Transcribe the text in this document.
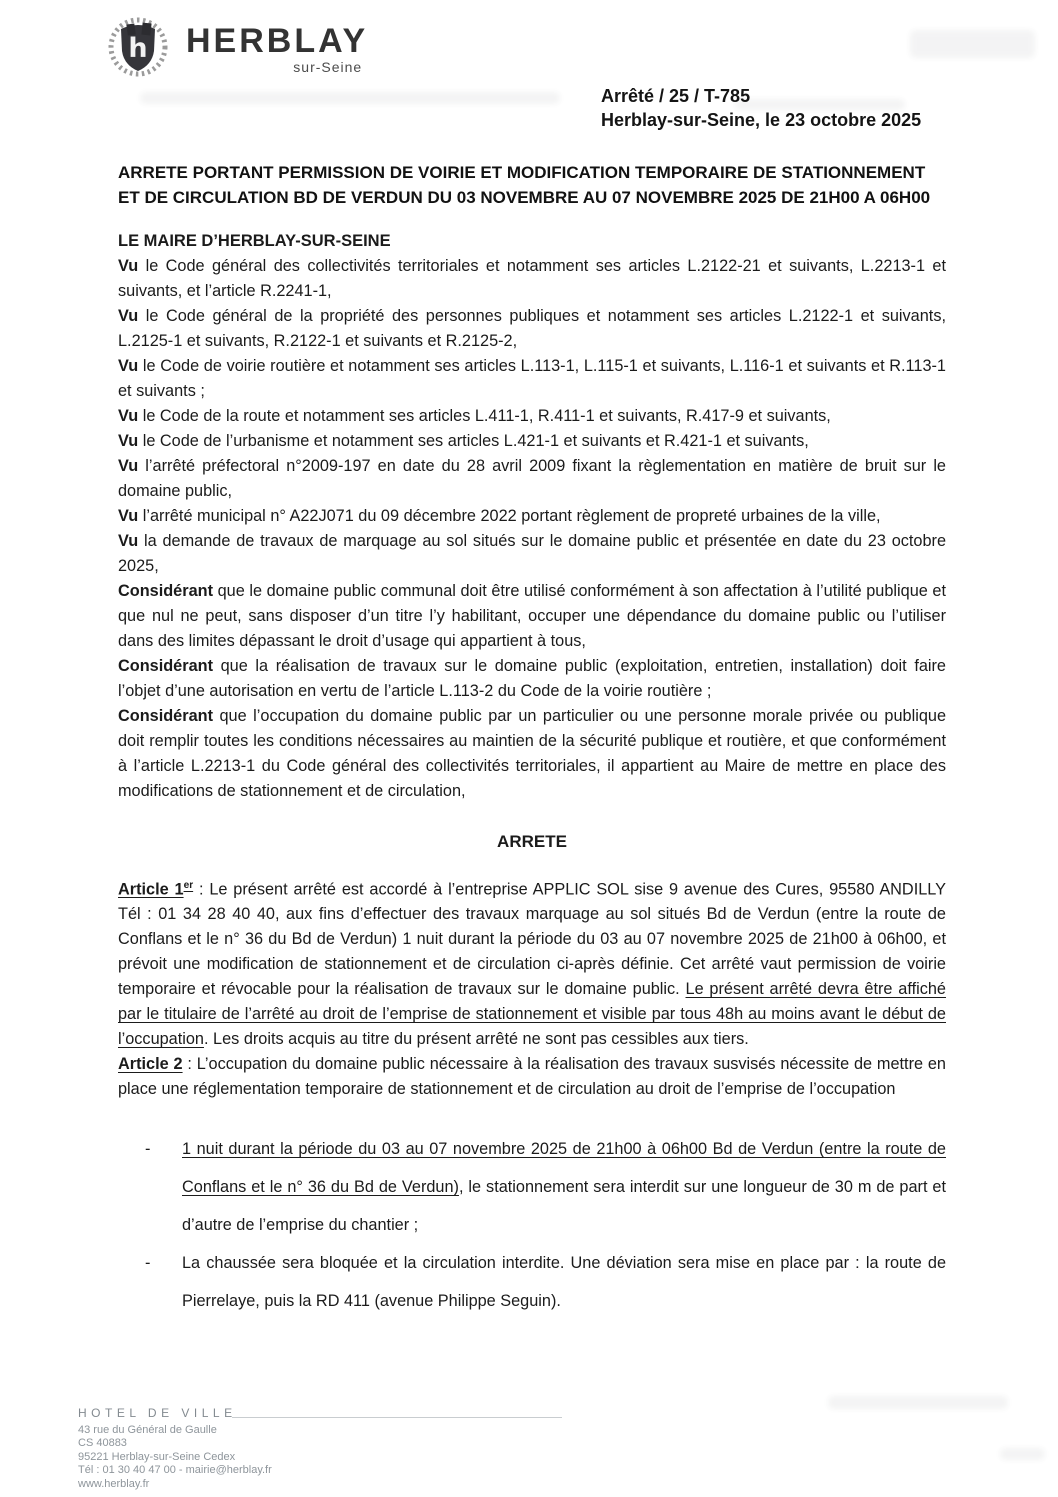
h HERBLAY
sur-Seine
Arrêté / 25 / T-785
Herblay-sur-Seine, le 23 octobre 2025
ARRETE PORTANT PERMISSION DE VOIRIE ET MODIFICATION TEMPORAIRE DE STATIONNEMENT ET DE CIRCULATION BD DE VERDUN DU 03 NOVEMBRE AU 07 NOVEMBRE 2025 DE 21H00 A 06H00
LE MAIRE D’HERBLAY-SUR-SEINE

Vu le Code général des collectivités territoriales et notamment ses articles L.2122-21 et suivants, L.2213-1 et suivants, et l’article R.2241-1,

Vu le Code général de la propriété des personnes publiques et notamment ses articles L.2122-1 et suivants, L.2125-1 et suivants, R.2122-1 et suivants et R.2125-2,

Vu le Code de voirie routière et notamment ses articles L.113-1, L.115-1 et suivants, L.116-1 et suivants et R.113-1 et suivants ;

Vu le Code de la route et notamment ses articles L.411-1, R.411-1 et suivants, R.417-9 et suivants,

Vu le Code de l’urbanisme et notamment ses articles L.421-1 et suivants et R.421-1 et suivants,

Vu l’arrêté préfectoral n°2009-197 en date du 28 avril 2009 fixant la règlementation en matière de bruit sur le domaine public,

Vu l’arrêté municipal n° A22J071 du 09 décembre 2022 portant règlement de propreté urbaines de la ville,

Vu la demande de travaux de marquage au sol situés sur le domaine public et présentée en date du 23 octobre 2025,

Considérant que le domaine public communal doit être utilisé conformément à son affectation à l’utilité publique et que nul ne peut, sans disposer d’un titre l’y habilitant, occuper une dépendance du domaine public ou l’utiliser dans des limites dépassant le droit d’usage qui appartient à tous,

Considérant que la réalisation de travaux sur le domaine public (exploitation, entretien, installation) doit faire l’objet d’une autorisation en vertu de l’article L.113-2 du Code de la voirie routière ;

Considérant que l’occupation du domaine public par un particulier ou une personne morale privée ou publique doit remplir toutes les conditions nécessaires au maintien de la sécurité publique et routière, et que conformément à l’article L.2213-1 du Code général des collectivités territoriales, il appartient au Maire de mettre en place des modifications de stationnement et de circulation,

ARRETE

Article 1er : Le présent arrêté est accordé à l’entreprise APPLIC SOL sise 9 avenue des Cures, 95580 ANDILLY Tél : 01 34 28 40 40, aux fins d’effectuer des travaux marquage au sol situés Bd de Verdun (entre la route de Conflans et le n° 36 du Bd de Verdun) 1 nuit durant la période du 03 au 07 novembre 2025 de 21h00 à 06h00, et prévoit une modification de stationnement et de circulation ci-après définie. Cet arrêté vaut permission de voirie temporaire et révocable pour la réalisation de travaux sur le domaine public. Le présent arrêté devra être affiché par le titulaire de l’arrêté au droit de l’emprise de stationnement et visible par tous 48h au moins avant le début de l’occupation. Les droits acquis au titre du présent arrêté ne sont pas cessibles aux tiers.

Article 2 : L’occupation du domaine public nécessaire à la réalisation des travaux susvisés nécessite de mettre en place une réglementation temporaire de stationnement et de circulation au droit de l’emprise de l’occupation

-	1 nuit durant la période du 03 au 07 novembre 2025 de 21h00 à 06h00 Bd de Verdun (entre la route de Conflans et le n° 36 du Bd de Verdun), le stationnement sera interdit sur une longueur de 30 m de part et d’autre de l’emprise du chantier ;
-	La chaussée sera bloquée et la circulation interdite. Une déviation sera mise en place par : la route de Pierrelaye, puis la RD 411 (avenue Philippe Seguin).
HOTEL DE VILLE
43 rue du Général de Gaulle
CS 40883
95221 Herblay-sur-Seine Cedex
Tél : 01 30 40 47 00 - mairie@herblay.fr
www.herblay.fr
